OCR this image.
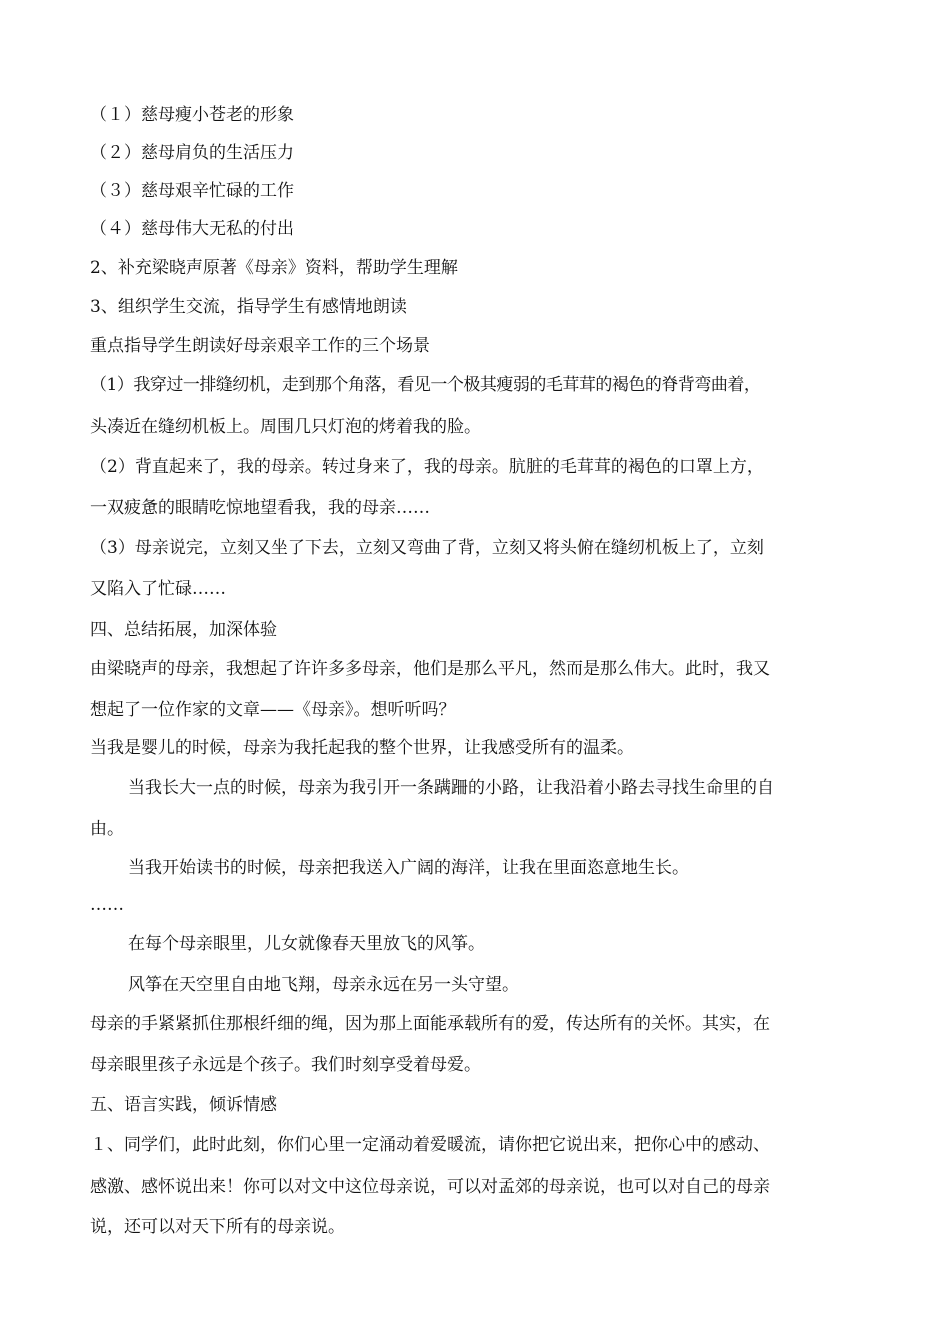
（１）慈母瘦小苍老的形象
（２）慈母肩负的生活压力
（３）慈母艰辛忙碌的工作
（４）慈母伟大无私的付出
2、补充梁晓声原著《母亲》资料，帮助学生理解
3、组织学生交流，指导学生有感情地朗读
重点指导学生朗读好母亲艰辛工作的三个场景
（1）我穿过一排缝纫机，走到那个角落，看见一个极其瘦弱的毛茸茸的褐色的脊背弯曲着，
头凑近在缝纫机板上。周围几只灯泡的烤着我的脸。
（2）背直起来了，我的母亲。转过身来了，我的母亲。肮脏的毛茸茸的褐色的口罩上方，
一双疲惫的眼睛吃惊地望看我，我的母亲……
（3）母亲说完，立刻又坐了下去，立刻又弯曲了背，立刻又将头俯在缝纫机板上了，立刻
又陷入了忙碌……
四、总结拓展，加深体验
由梁晓声的母亲，我想起了许许多多母亲，他们是那么平凡，然而是那么伟大。此时，我又
想起了一位作家的文章——《母亲》。想听听吗？
当我是婴儿的时候，母亲为我托起我的整个世界，让我感受所有的温柔。
当我长大一点的时候，母亲为我引开一条蹒跚的小路，让我沿着小路去寻找生命里的自
由。
当我开始读书的时候，母亲把我送入广阔的海洋，让我在里面恣意地生长。
……
在每个母亲眼里，儿女就像春天里放飞的风筝。
风筝在天空里自由地飞翔，母亲永远在另一头守望。
母亲的手紧紧抓住那根纤细的绳，因为那上面能承载所有的爱，传达所有的关怀。其实，在
母亲眼里孩子永远是个孩子。我们时刻享受着母爱。
五、语言实践，倾诉情感
１、同学们，此时此刻，你们心里一定涌动着爱暖流，请你把它说出来，把你心中的感动、
感激、感怀说出来！你可以对文中这位母亲说，可以对孟郊的母亲说，也可以对自己的母亲
说，还可以对天下所有的母亲说。
